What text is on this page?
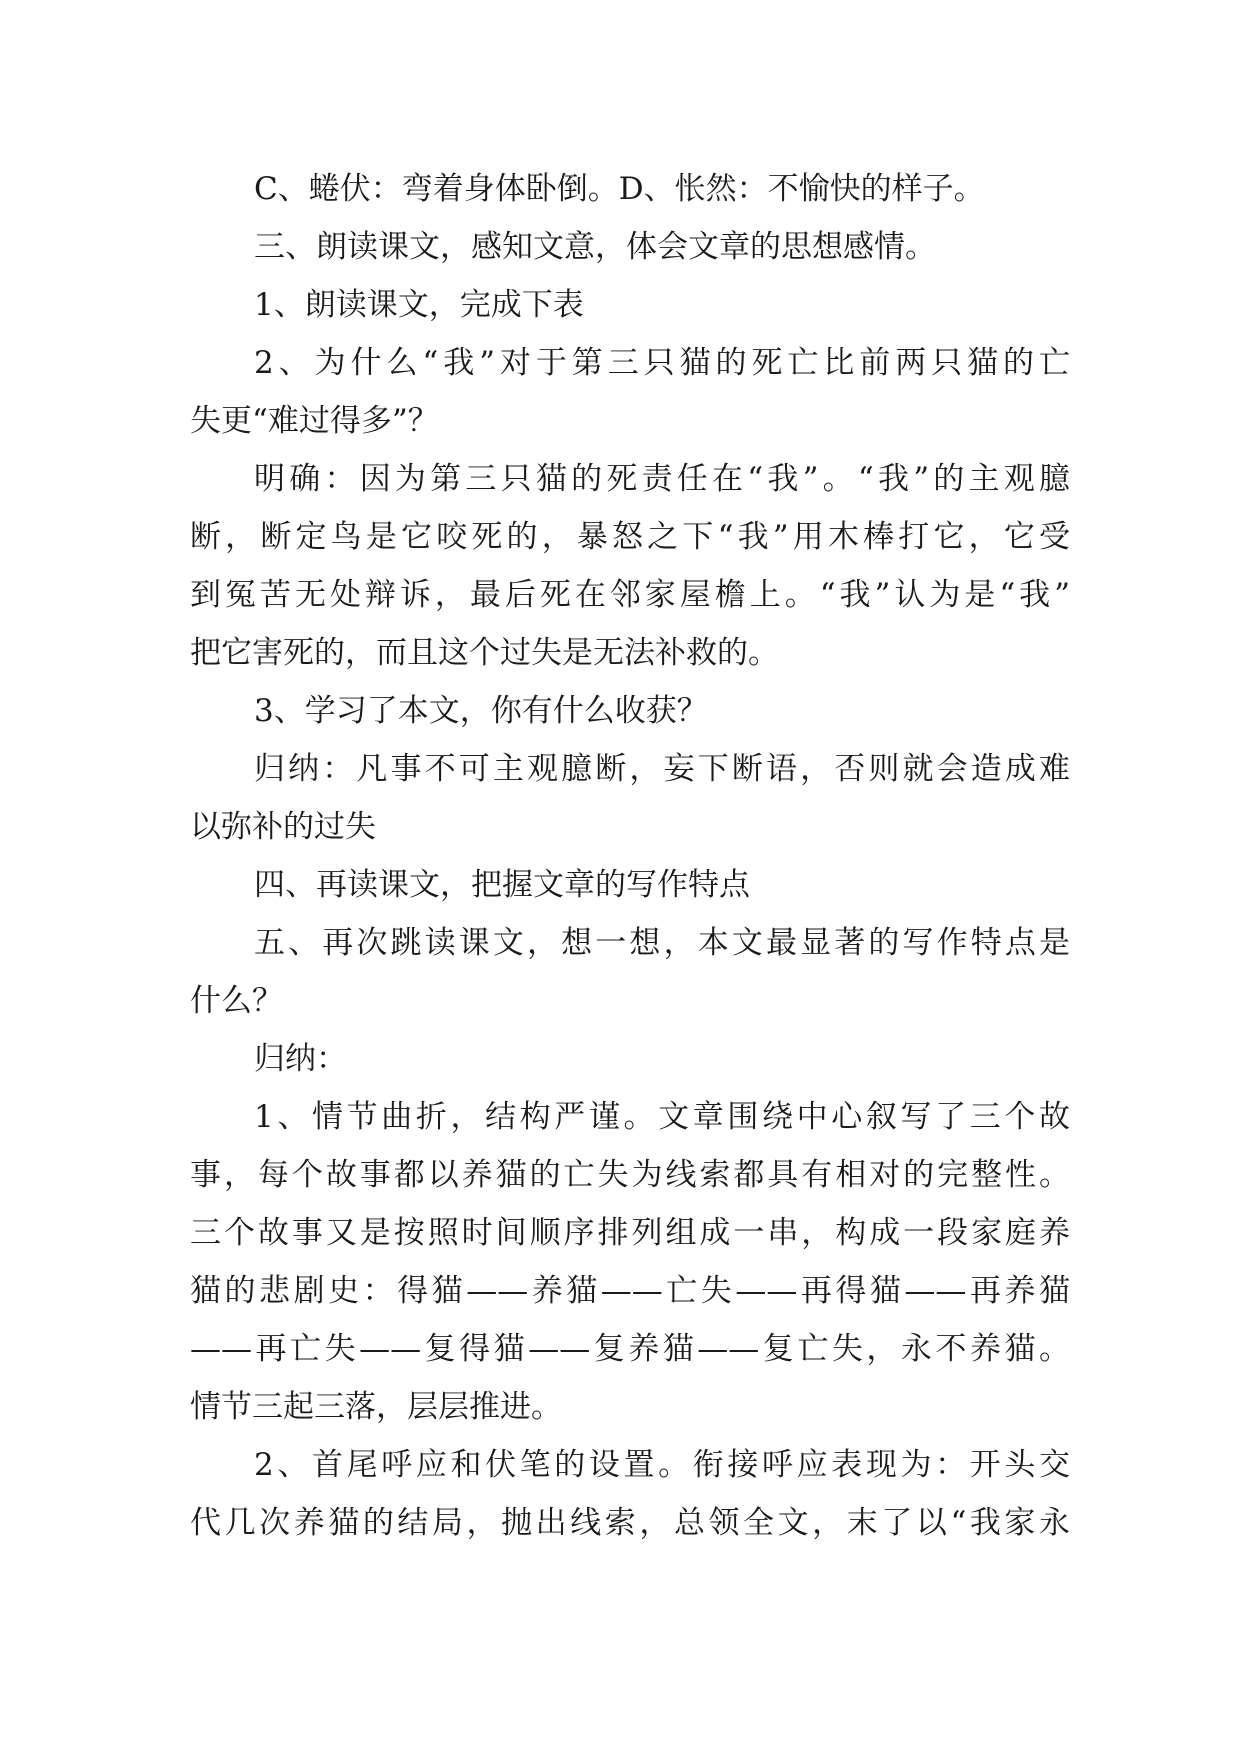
C、蜷伏：弯着身体卧倒。D、怅然：不愉快的样子。
三、朗读课文，感知文意，体会文章的思想感情。
1、朗读课文，完成下表
2、为什么“我”对于第三只猫的死亡比前两只猫的亡
失更“难过得多”？
明确：因为第三只猫的死责任在“我”。“我”的主观臆
断，断定鸟是它咬死的，暴怒之下“我”用木棒打它，它受
到冤苦无处辩诉，最后死在邻家屋檐上。“我”认为是“我”
把它害死的，而且这个过失是无法补救的。
3、学习了本文，你有什么收获？
归纳：凡事不可主观臆断，妄下断语，否则就会造成难
以弥补的过失
四、再读课文，把握文章的写作特点
五、再次跳读课文，想一想，本文最显著的写作特点是
什么？
归纳：
1、情节曲折，结构严谨。文章围绕中心叙写了三个故
事，每个故事都以养猫的亡失为线索都具有相对的完整性。
三个故事又是按照时间顺序排列组成一串，构成一段家庭养
猫的悲剧史：得猫——养猫——亡失——再得猫——再养猫
——再亡失——复得猫——复养猫——复亡失，永不养猫。
情节三起三落，层层推进。
2、首尾呼应和伏笔的设置。衔接呼应表现为：开头交
代几次养猫的结局，抛出线索，总领全文，末了以“我家永
